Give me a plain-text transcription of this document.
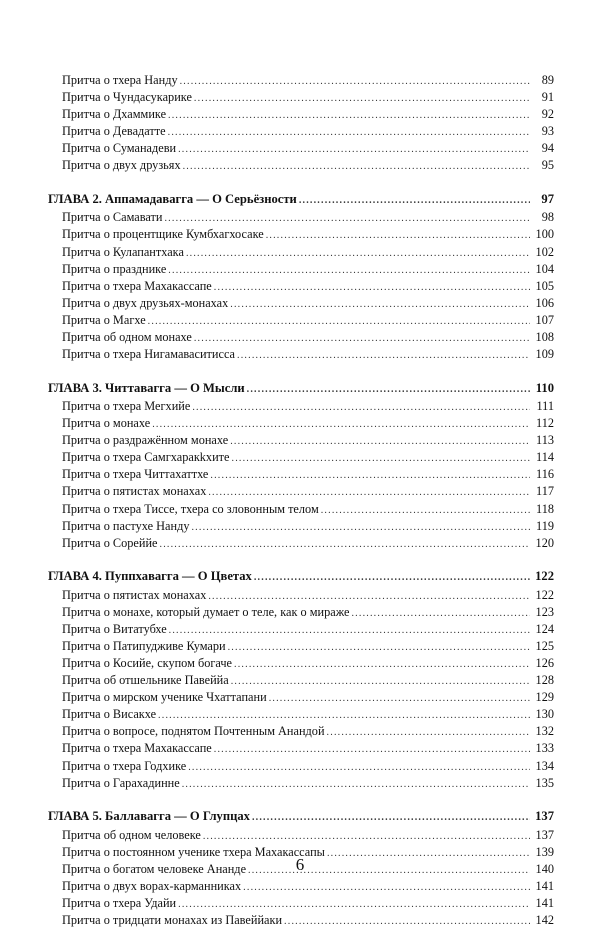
Притча о тхера Нанду .....	89
Притча о Чундасукарике .....	91
Притча о Дхаммике .....	92
Притча о Девадатте .....	93
Притча о Суманадеви .....	94
Притча о двух друзьях .....	95
ГЛАВА 2. Аппамадаваггa — О Серьёзности .....	97
Притча о Самавати .....	98
Притча о процентщике Кумбхагхосаке .....	100
Притча о Кулапантхака .....	102
Притча о празднике .....	104
Притча о тхера Махакассапе .....	105
Притча о двух друзьях-монахах .....	106
Притча о Магхе .....	107
Притча об одном монахе .....	108
Притча о тхера Нигамаваситисса .....	109
ГЛАВА 3. Читтавагга — О Мысли .....	110
Притча о тхера Мегхийе .....	111
Притча о монахе .....	112
Притча о раздражённом монахе .....	113
Притча о тхера Самгхаракkхите .....	114
Притча о тхера Читтахаттхе .....	116
Притча о пятистах монахах .....	117
Притча о тхера Тиссе, тхера со зловонным телом .....	118
Притча о пастухе Нанду .....	119
Притча о Сореййе .....	120
ГЛАВА 4. Пуппхавагга — О Цветах .....	122
Притча о пятистах монахах .....	122
Притча о монахе, который думает о теле, как о мираже .....	123
Притча о Витатубхе .....	124
Притча о Патипудживе Кумари .....	125
Притча о Косийе, скупом богаче .....	126
Притча об отшельнике Павеййа .....	128
Притча о мирском ученике Чхаттапани .....	129
Притча о Висакхе .....	130
Притча о вопросе, поднятом Почтенным Анандой .....	132
Притча о тхера Махакассапе .....	133
Притча о тхера Годхике .....	134
Притча о Гарахадинне .....	135
ГЛАВА 5. Баллавагга — О Глупцах .....	137
Притча об одном человеке .....	137
Притча о постоянном ученике тхера Махакассапы .....	139
Притча о богатом человеке Ананде .....	140
Притча о двух ворах-карманниках .....	141
Притча о тхера Удайи .....	141
Притча о тридцати монахах из Павеййаки .....	142
6
